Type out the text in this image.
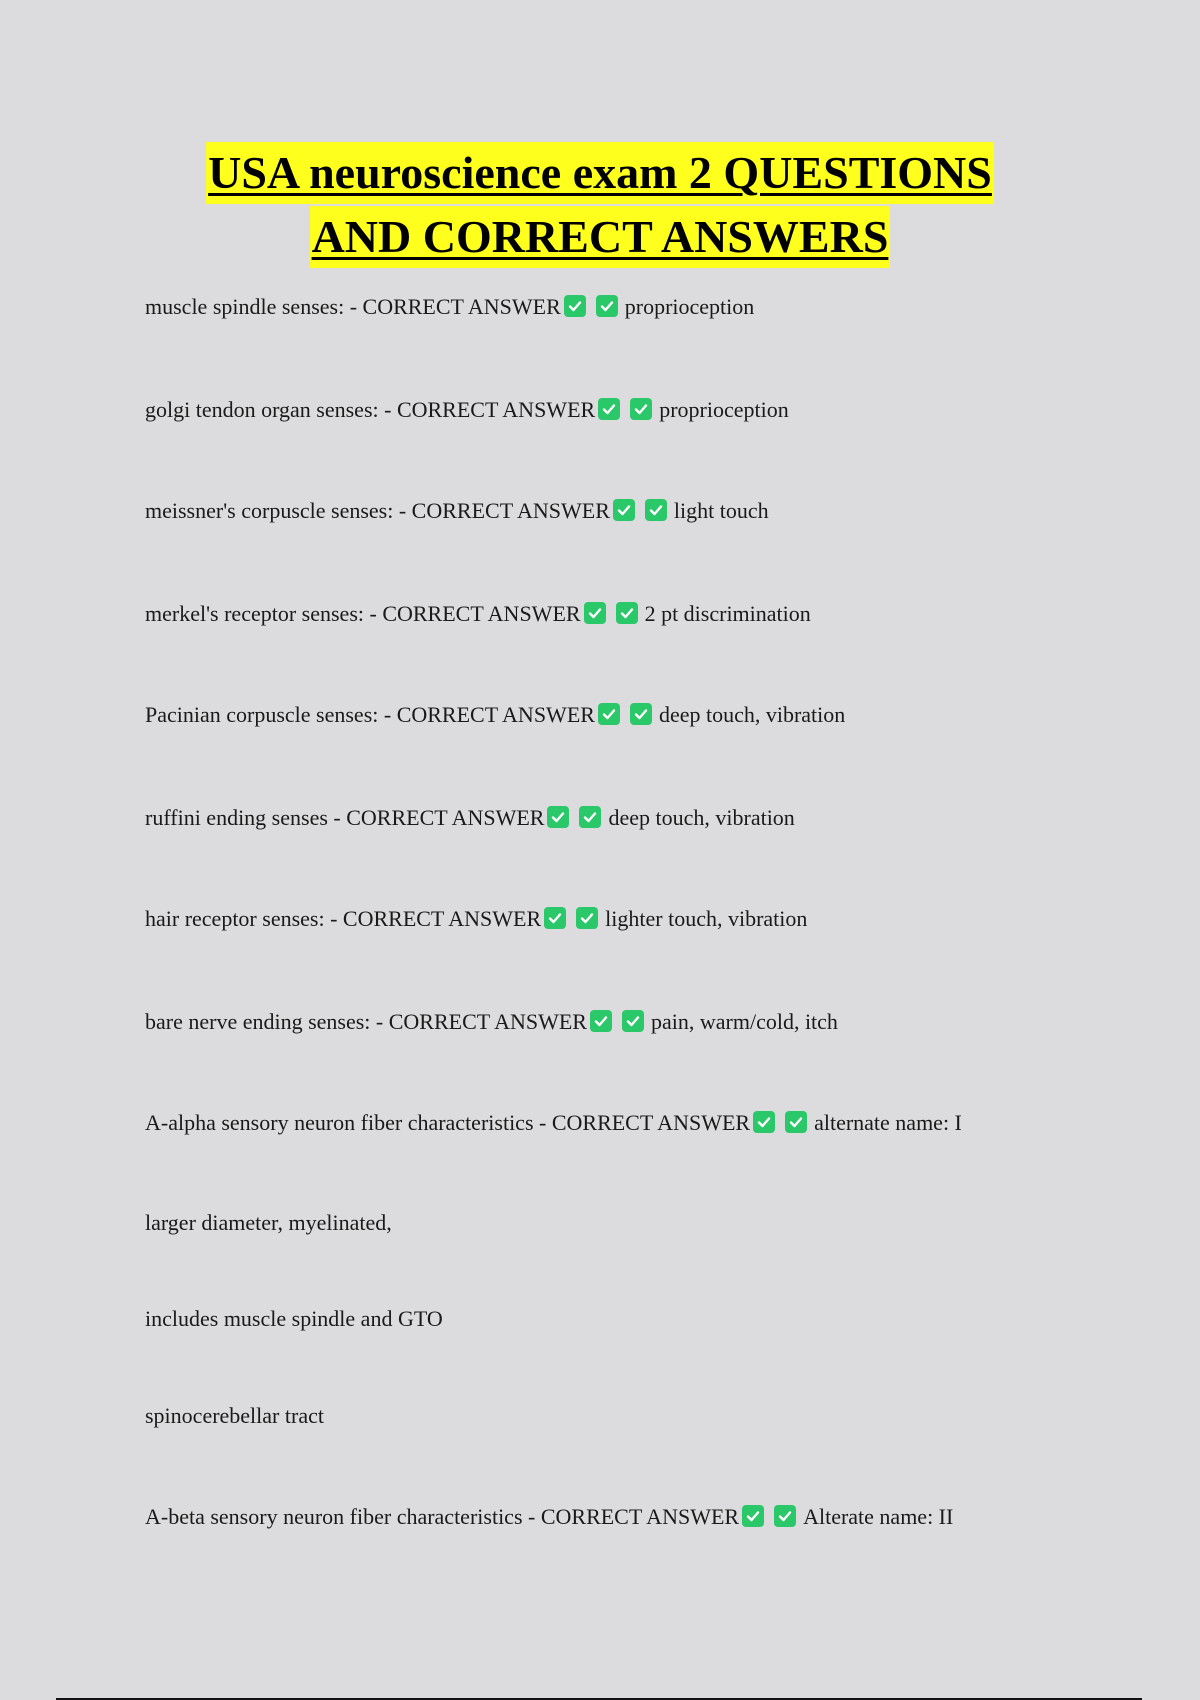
USA neuroscience exam 2 QUESTIONS
AND CORRECT ANSWERS
muscle spindle senses: - CORRECT ANSWER	proprioception
golgi tendon organ senses: - CORRECT ANSWER	proprioception
meissner's corpuscle senses: - CORRECT ANSWER	light touch
merkel's receptor senses: - CORRECT ANSWER	2 pt discrimination
Pacinian corpuscle senses: - CORRECT ANSWER	deep touch, vibration
ruffini ending senses - CORRECT ANSWER	deep touch, vibration
hair receptor senses: - CORRECT ANSWER	lighter touch, vibration
bare nerve ending senses: - CORRECT ANSWER	pain, warm/cold, itch
A-alpha sensory neuron fiber characteristics - CORRECT ANSWER	alternate name: I
larger diameter, myelinated,
includes muscle spindle and GTO
spinocerebellar tract
A-beta sensory neuron fiber characteristics - CORRECT ANSWER	Alterate name: II
